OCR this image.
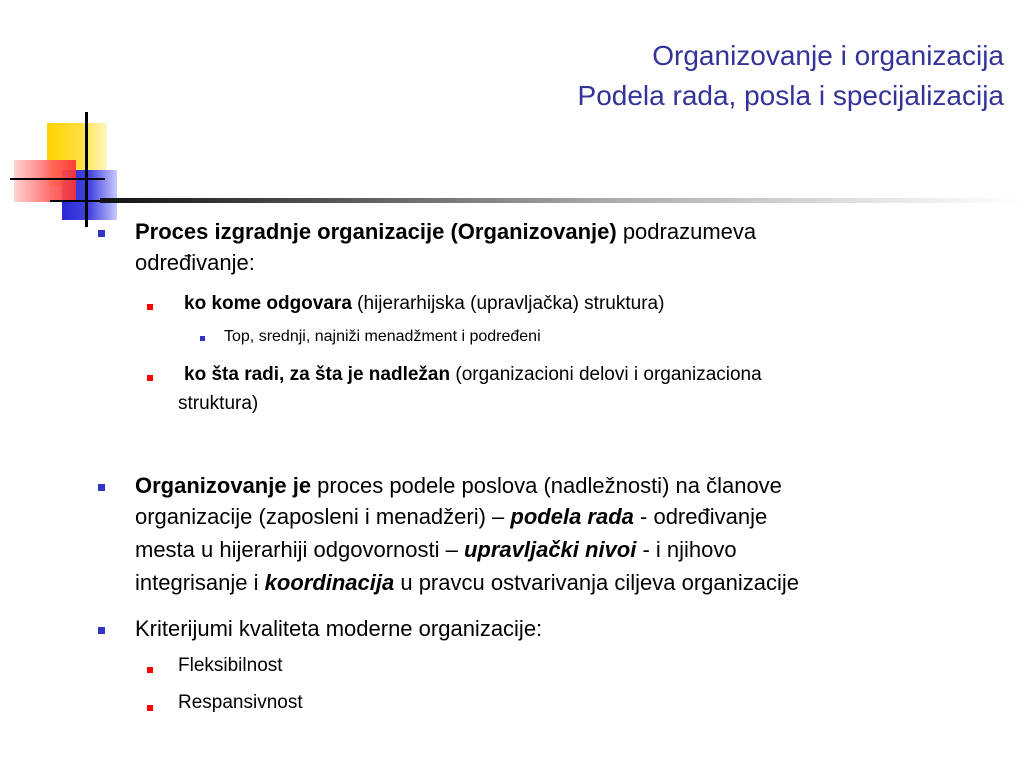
Organizovanje i organizacija
Podela rada, posla i specijalizacija
Proces izgradnje organizacije (Organizovanje) podrazumeva
određivanje:
ko kome odgovara (hijerarhijska (upravljačka) struktura)
Top, srednji, najniži menadžment i podređeni
ko šta radi, za šta je nadležan (organizacioni delovi i organizaciona
struktura)
Organizovanje je proces podele poslova (nadležnosti) na članove
organizacije (zaposleni i menadžeri) – podela rada - određivanje
mesta u hijerarhiji odgovornosti – upravljački nivoi - i njihovo
integrisanje i koordinacija u pravcu ostvarivanja ciljeva organizacije
Kriterijumi kvaliteta moderne organizacije:
Fleksibilnost
Respansivnost
